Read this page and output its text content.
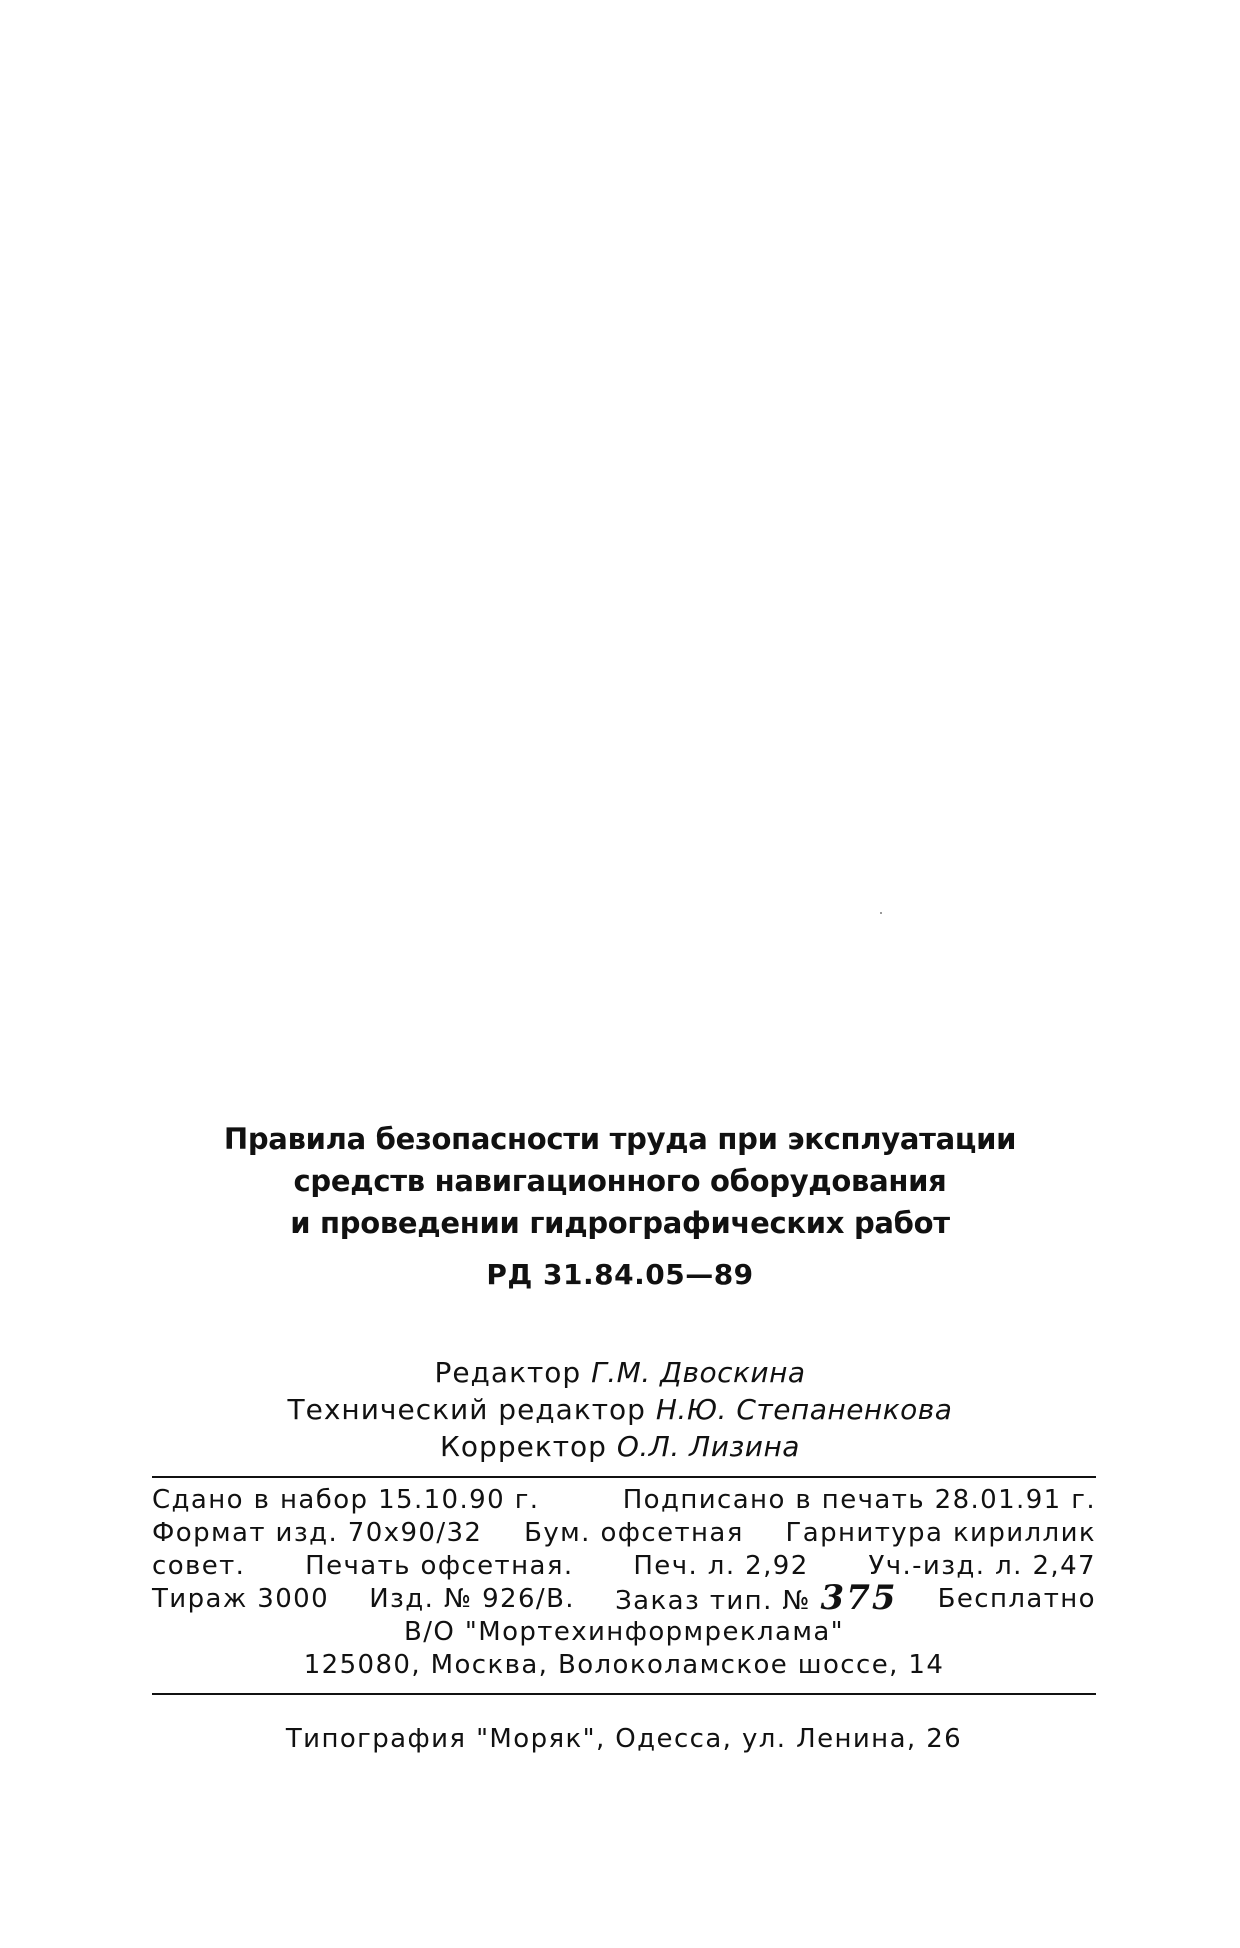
Правила безопасности труда при эксплуатации
средств навигационного оборудования
и проведении гидрографических работ
РД 31.84.05—89
Редактор Г.М. Двоскина
Технический редактор Н.Ю. Степаненкова
Корректор О.Л. Лизина
Сдано в набор 15.10.90 г.	Подписано в печать 28.01.91 г.
Формат изд. 70x90/32 Бум. офсетная Гарнитура кириллик
совет. Печать офсетная. Печ. л. 2,92 Уч.-изд. л. 2,47
Тираж 3000 Изд. № 926/В. Заказ тип. № 375 Бесплатно
В/О "Мортехинформреклама"
125080, Москва, Волоколамское шоссе, 14
Типография "Моряк", Одесса, ул. Ленина, 26
